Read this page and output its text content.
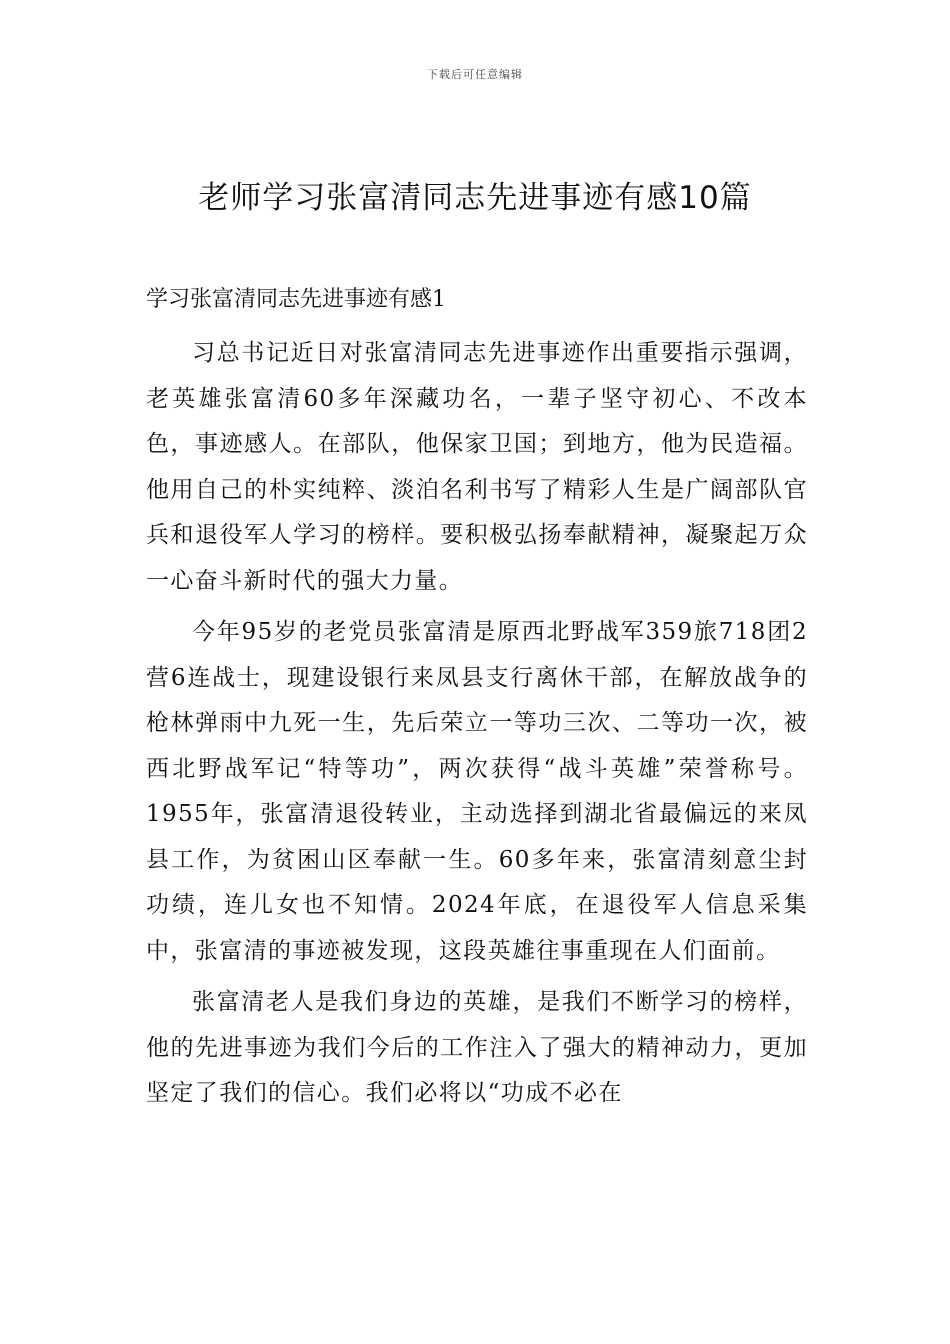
下载后可任意编辑
老师学习张富清同志先进事迹有感10篇
学习张富清同志先进事迹有感1

习总书记近日对张富清同志先进事迹作出重要指示强调，老英雄张富清60多年深藏功名，一辈子坚守初心、不改本色，事迹感人。在部队，他保家卫国；到地方，他为民造福。他用自己的朴实纯粹、淡泊名利书写了精彩人生是广阔部队官兵和退役军人学习的榜样。要积极弘扬奉献精神，凝聚起万众一心奋斗新时代的强大力量。

今年95岁的老党员张富清是原西北野战军359旅718团2营6连战士，现建设银行来凤县支行离休干部，在解放战争的枪林弹雨中九死一生，先后荣立一等功三次、二等功一次，被西北野战军记“特等功”，两次获得“战斗英雄”荣誉称号。1955年，张富清退役转业，主动选择到湖北省最偏远的来凤县工作，为贫困山区奉献一生。60多年来，张富清刻意尘封功绩，连儿女也不知情。2024年底，在退役军人信息采集中，张富清的事迹被发现，这段英雄往事重现在人们面前。

张富清老人是我们身边的英雄，是我们不断学习的榜样，他的先进事迹为我们今后的工作注入了强大的精神动力，更加坚定了我们的信心。我们必将以“功成不必在
